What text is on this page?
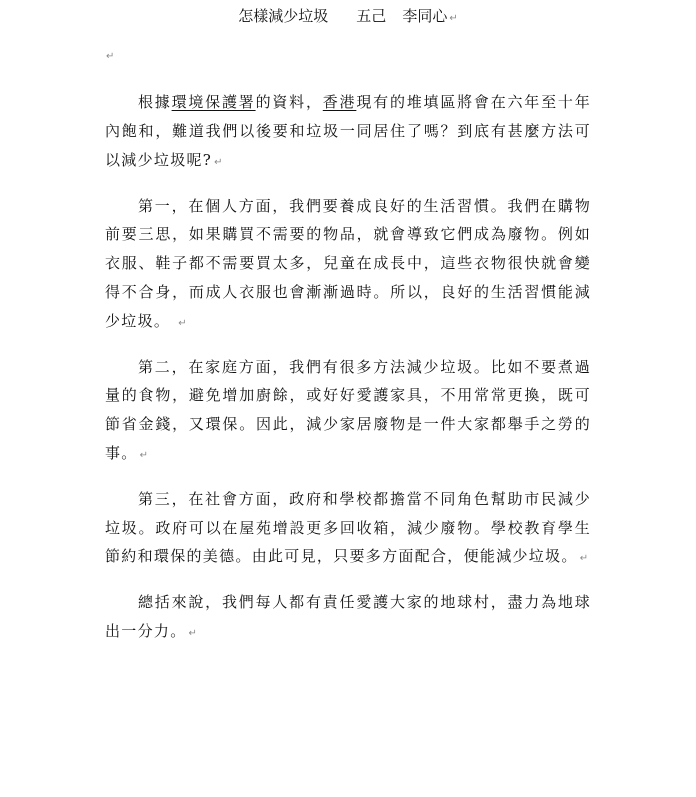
怎樣減少垃圾 五己 李同心 ↵
↵

根據環境保護署的資料，香港現有的堆填區將會在六年至十年內飽和，難道我們以後要和垃圾一同居住了嗎？到底有甚麼方法可以減少垃圾呢? ↵

第一，在個人方面，我們要養成良好的生活習慣。我們在購物前要三思，如果購買不需要的物品，就會導致它們成為廢物。例如衣服、鞋子都不需要買太多，兒童在成長中，這些衣物很快就會變得不合身，而成人衣服也會漸漸過時。所以，良好的生活習慣能減少垃圾。 ↵

第二，在家庭方面，我們有很多方法減少垃圾。比如不要煮過量的食物，避免增加廚餘，或好好愛護家具，不用常常更換，既可節省金錢，又環保。因此，減少家居廢物是一件大家都舉手之勞的事。 ↵

第三，在社會方面，政府和學校都擔當不同角色幫助市民減少垃圾。政府可以在屋苑增設更多回收箱，減少廢物。學校教育學生節約和環保的美德。由此可見，只要多方面配合，便能減少垃圾。 ↵

總括來說，我們每人都有責任愛護大家的地球村，盡力為地球出一分力。 ↵
